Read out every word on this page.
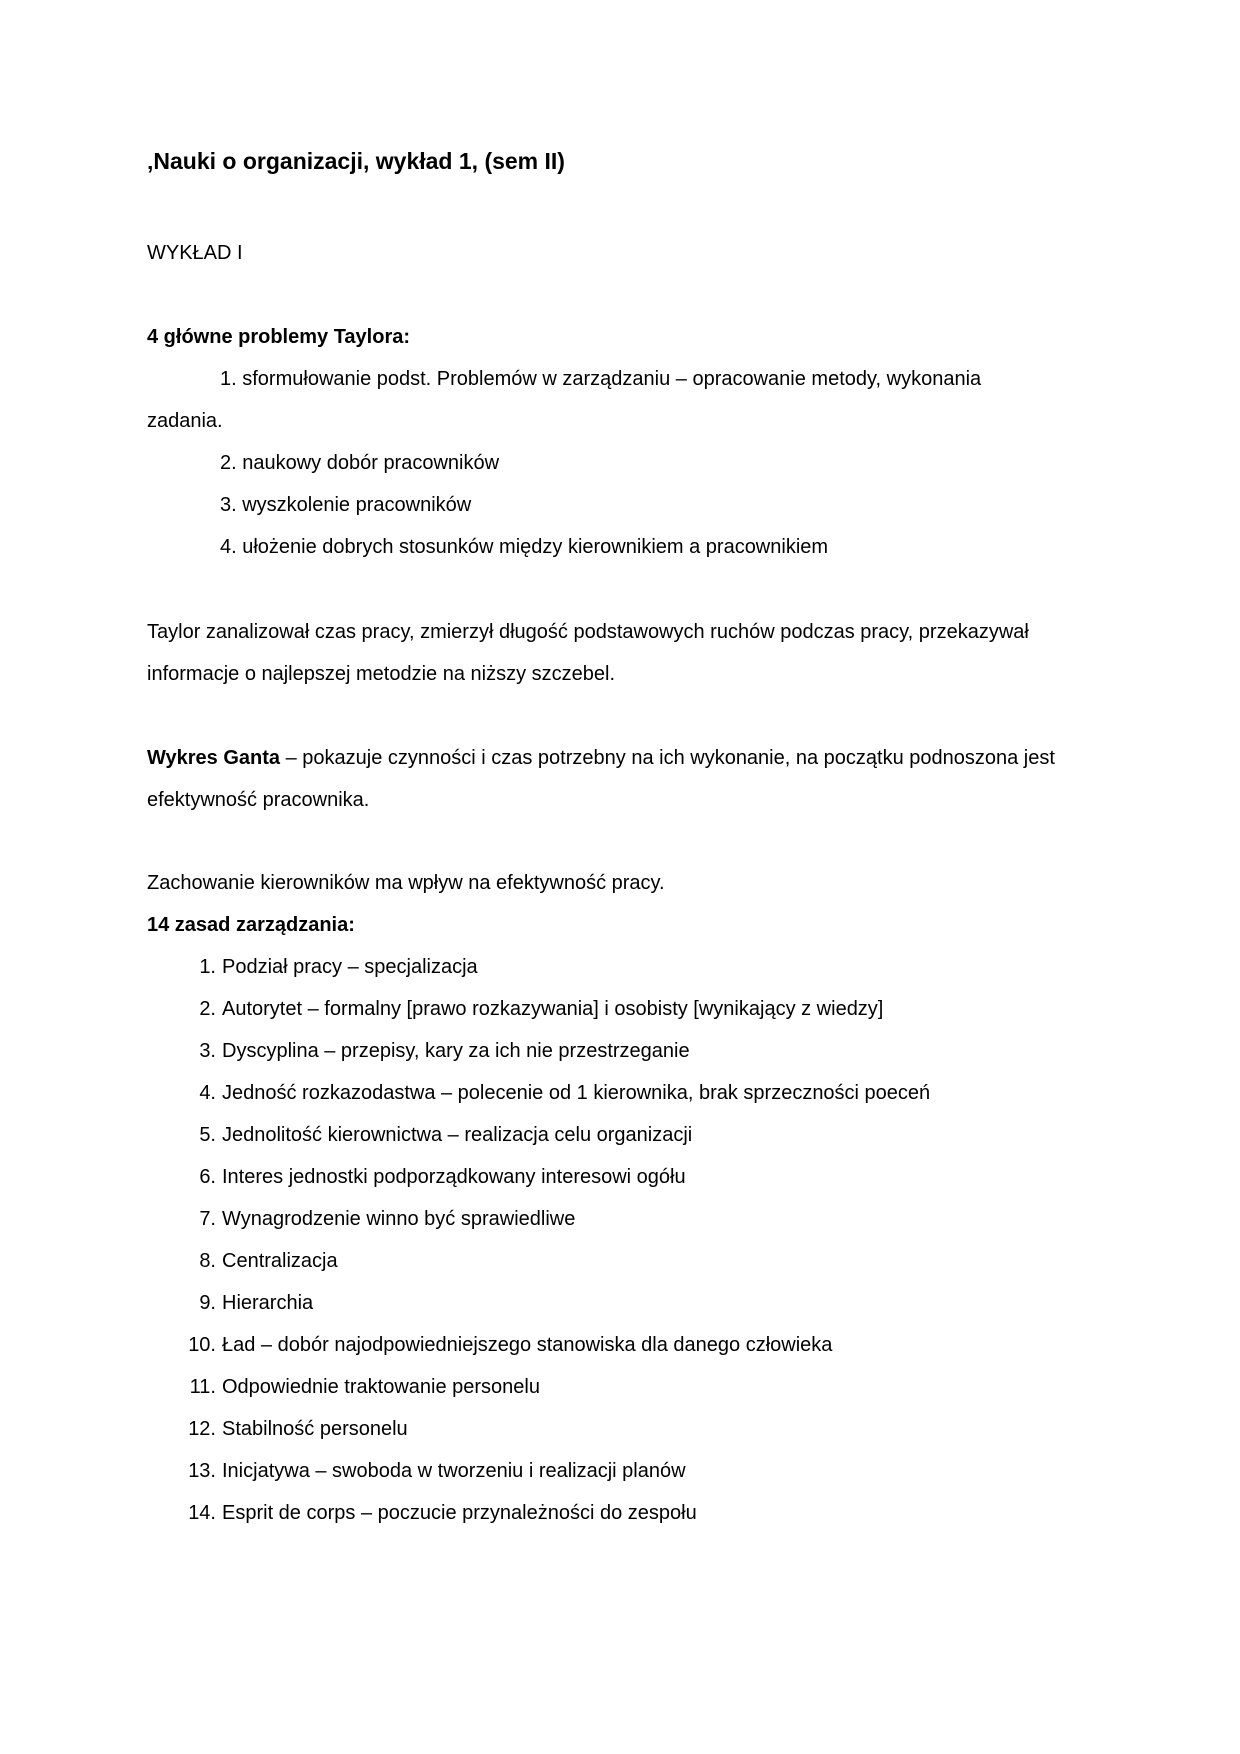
‚Nauki o organizacji, wykład 1, (sem II)
WYKŁAD I
4 główne problemy Taylora:
1. sformułowanie podst. Problemów w zarządzaniu – opracowanie metody, wykonania
zadania.
2. naukowy dobór pracowników
3. wyszkolenie pracowników
4. ułożenie dobrych stosunków między kierownikiem a pracownikiem
Taylor zanalizował czas pracy, zmierzył długość podstawowych ruchów podczas pracy, przekazywał informacje o najlepszej metodzie na niższy szczebel.
Wykres Ganta – pokazuje czynności i czas potrzebny na ich wykonanie, na początku podnoszona jest efektywność pracownika.
Zachowanie kierowników ma wpływ na efektywność pracy.
14 zasad zarządzania:
1. Podział pracy – specjalizacja
2. Autorytet – formalny [prawo rozkazywania] i osobisty [wynikający z wiedzy]
3. Dyscyplina – przepisy, kary za ich nie przestrzeganie
4. Jedność rozkazodastwa – polecenie od 1 kierownika, brak sprzeczności poeceń
5. Jednolitość kierownictwa – realizacja celu organizacji
6. Interes jednostki podporządkowany interesowi ogółu
7. Wynagrodzenie winno być sprawiedliwe
8. Centralizacja
9. Hierarchia
10. Ład – dobór najodpowiedniejszego stanowiska dla danego człowieka
11. Odpowiednie traktowanie personelu
12. Stabilność personelu
13. Inicjatywa – swoboda w tworzeniu i realizacji planów
14. Esprit de corps – poczucie przynależności do zespołu
